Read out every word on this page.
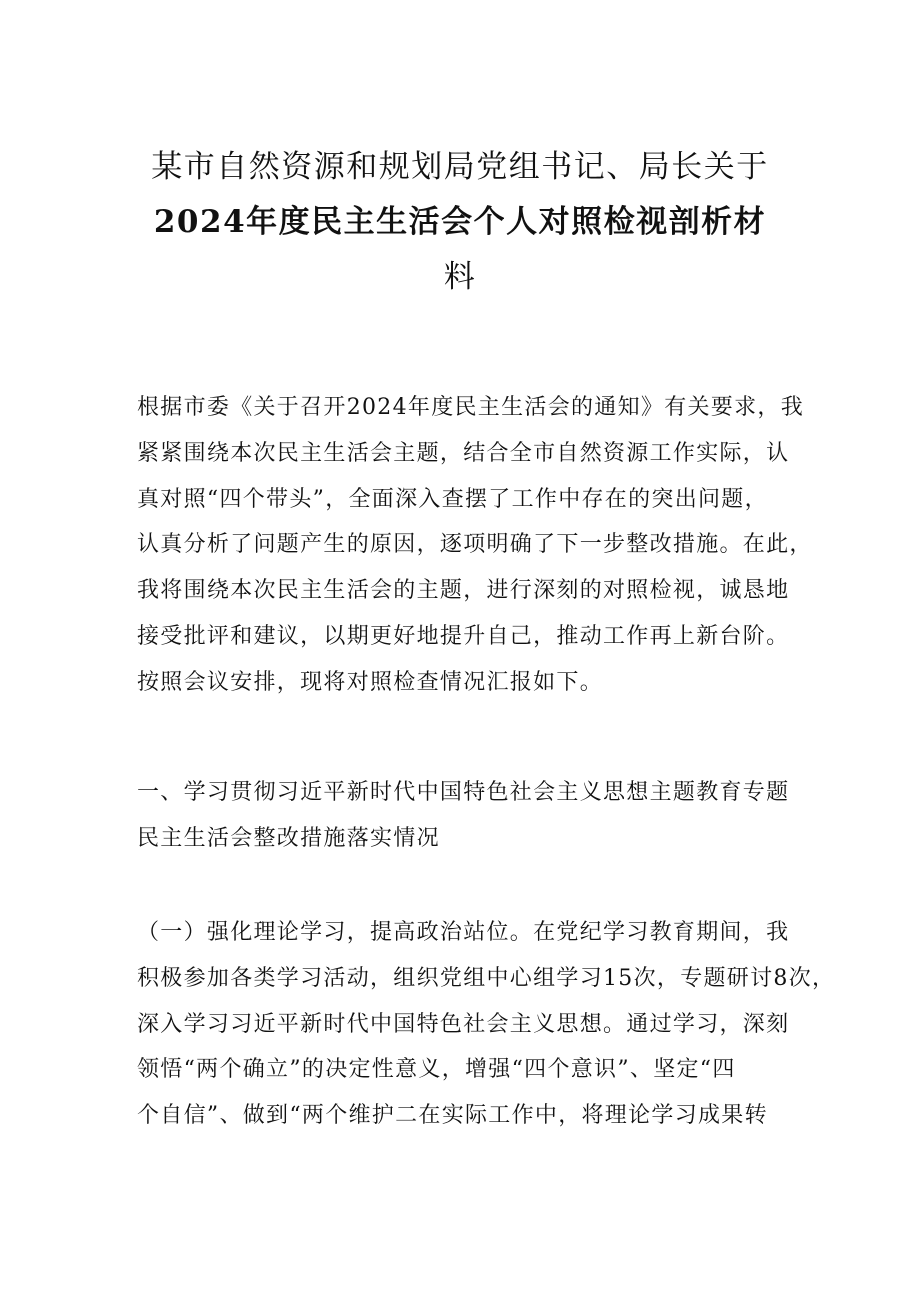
某市自然资源和规划局党组书记、局长关于
2024年度民主生活会个人对照检视剖析材
料
根据市委《关于召开2024年度民主生活会的通知》有关要求，我
紧紧围绕本次民主生活会主题，结合全市自然资源工作实际，认
真对照“四个带头”，全面深入查摆了工作中存在的突出问题，
认真分析了问题产生的原因，逐项明确了下一步整改措施。在此，
我将围绕本次民主生活会的主题，进行深刻的对照检视，诚恳地
接受批评和建议，以期更好地提升自己，推动工作再上新台阶。
按照会议安排，现将对照检查情况汇报如下。
一、学习贯彻习近平新时代中国特色社会主义思想主题教育专题
民主生活会整改措施落实情况
（一）强化理论学习，提高政治站位。在党纪学习教育期间，我
积极参加各类学习活动，组织党组中心组学习15次，专题研讨8次，
深入学习习近平新时代中国特色社会主义思想。通过学习，深刻
领悟“两个确立”的决定性意义，增强“四个意识”、坚定“四
个自信”、做到“两个维护二在实际工作中，将理论学习成果转
